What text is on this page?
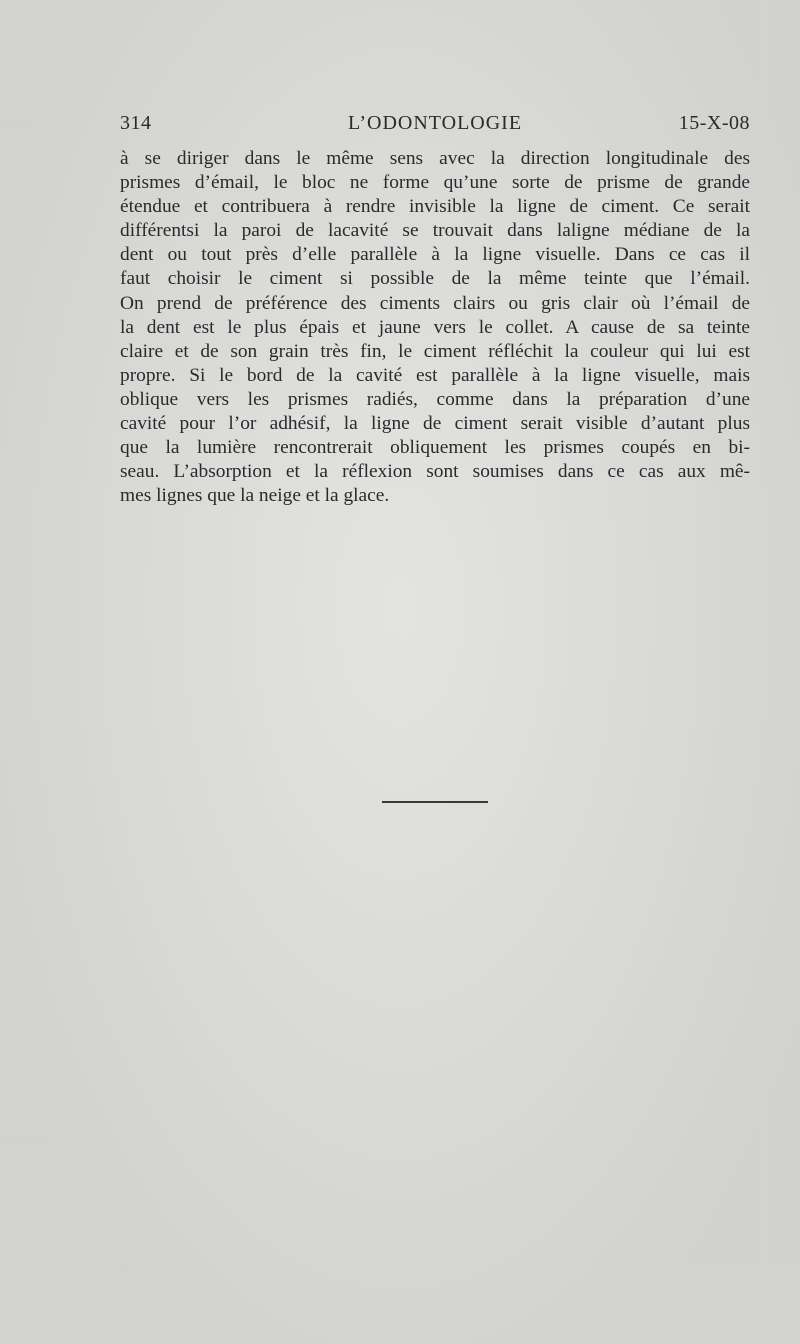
314	L’ODONTOLOGIE	15-X-08
à se diriger dans le même sens avec la direction longitudinale des
prismes d’émail, le bloc ne forme qu’une sorte de prisme de grande
étendue et contribuera à rendre invisible la ligne de ciment. Ce serait
différentsi la paroi de lacavité se trouvait dans laligne médiane de la
dent ou tout près d’elle parallèle à la ligne visuelle. Dans ce cas il
faut choisir le ciment si possible de la même teinte que l’émail.
On prend de préférence des ciments clairs ou gris clair où l’émail de
la dent est le plus épais et jaune vers le collet. A cause de sa teinte
claire et de son grain très fin, le ciment réfléchit la couleur qui lui est
propre. Si le bord de la cavité est parallèle à la ligne visuelle, mais
oblique vers les prismes radiés, comme dans la préparation d’une
cavité pour l’or adhésif, la ligne de ciment serait visible d’autant plus
que la lumière rencontrerait obliquement les prismes coupés en bi-
seau. L’absorption et la réflexion sont soumises dans ce cas aux mê-
mes lignes que la neige et la glace.
